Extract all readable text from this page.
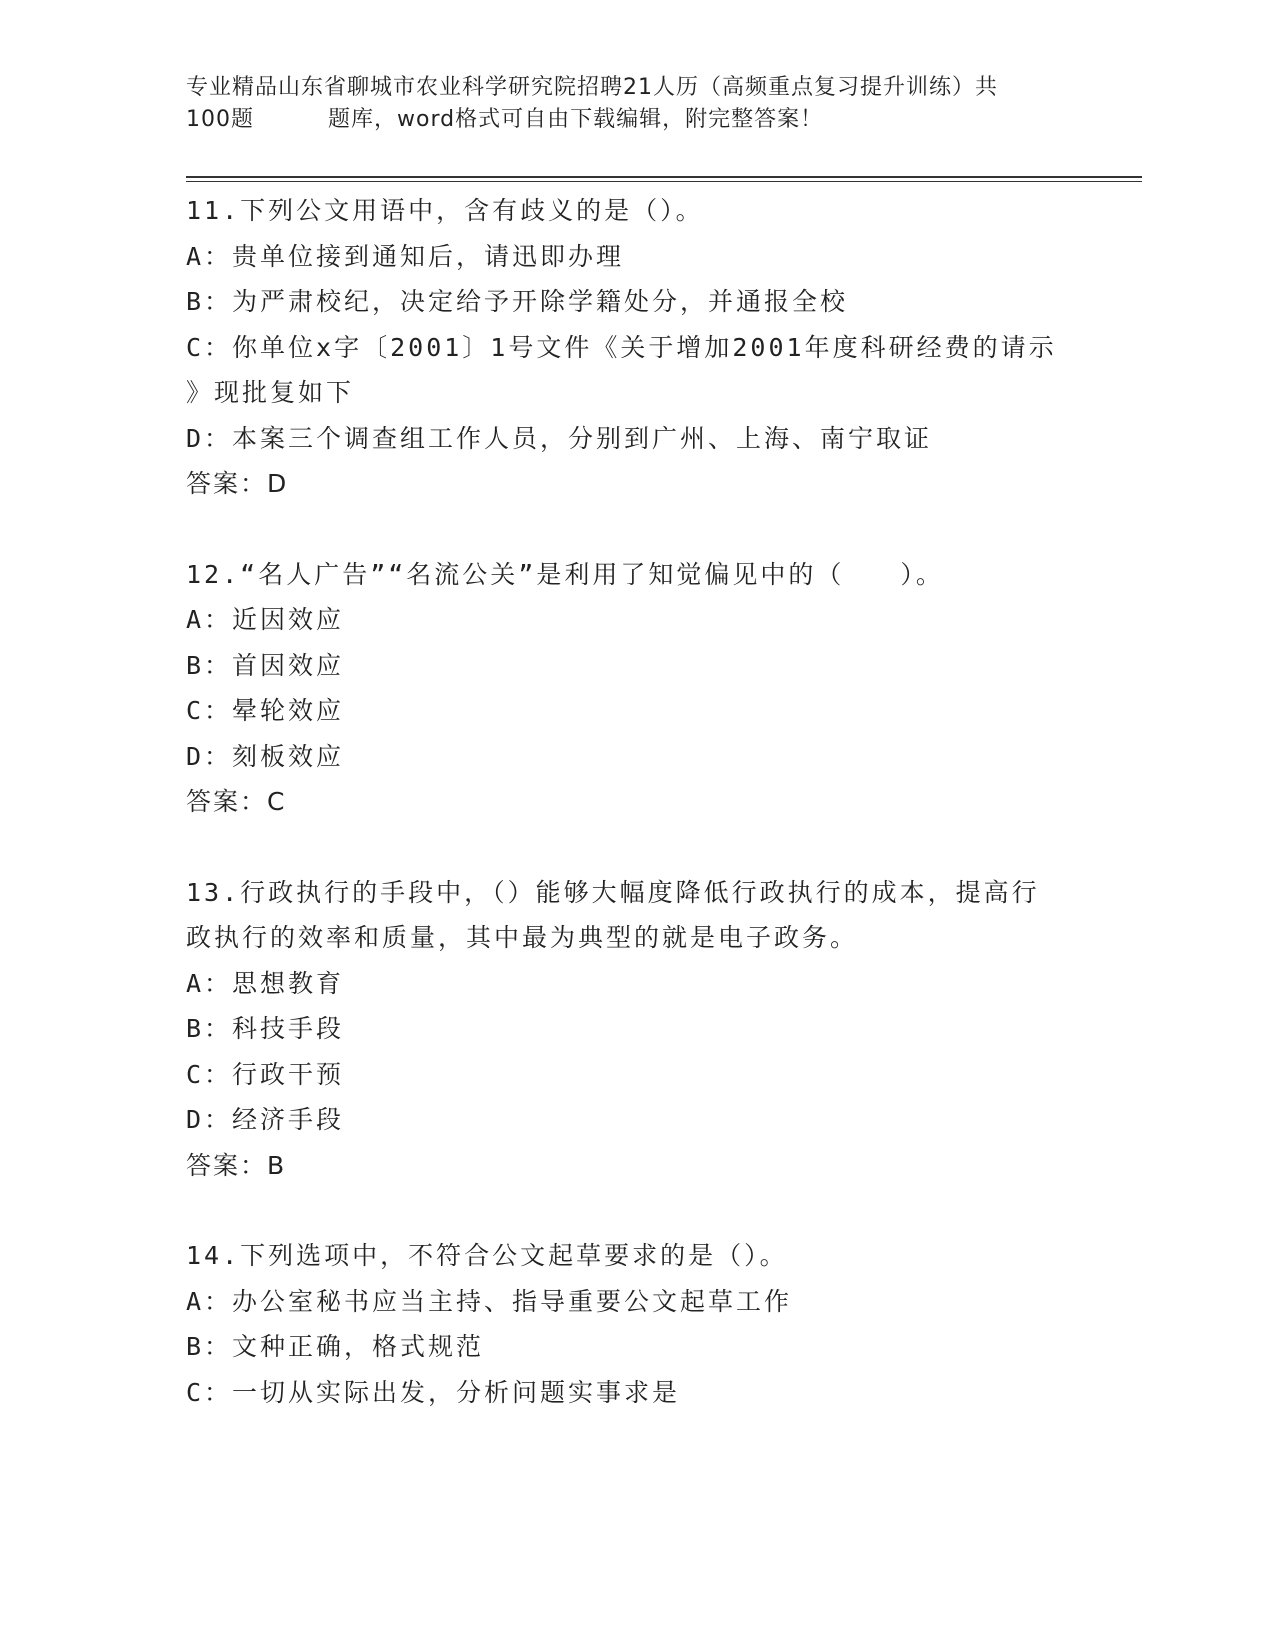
专业精品山东省聊城市农业科学研究院招聘21人历（高频重点复习提升训练）共
100题	题库，word格式可自由下载编辑，附完整答案！

11.下列公文用语中，含有歧义的是（）。

A：贵单位接到通知后，请迅即办理

B：为严肃校纪，决定给予开除学籍处分，并通报全校

C：你单位x字〔2001〕1号文件《关于增加2001年度科研经费的请示

》现批复如下

D：本案三个调查组工作人员，分别到广州、上海、南宁取证

答案：D

12.“名人广告”“名流公关”是利用了知觉偏见中的（　　）。

A：近因效应

B：首因效应

C：晕轮效应

D：刻板效应

答案：C

13.行政执行的手段中，（）能够大幅度降低行政执行的成本，提高行

政执行的效率和质量，其中最为典型的就是电子政务。

A：思想教育

B：科技手段

C：行政干预

D：经济手段

答案：B

14.下列选项中，不符合公文起草要求的是（）。

A：办公室秘书应当主持、指导重要公文起草工作

B：文种正确，格式规范

C：一切从实际出发，分析问题实事求是
